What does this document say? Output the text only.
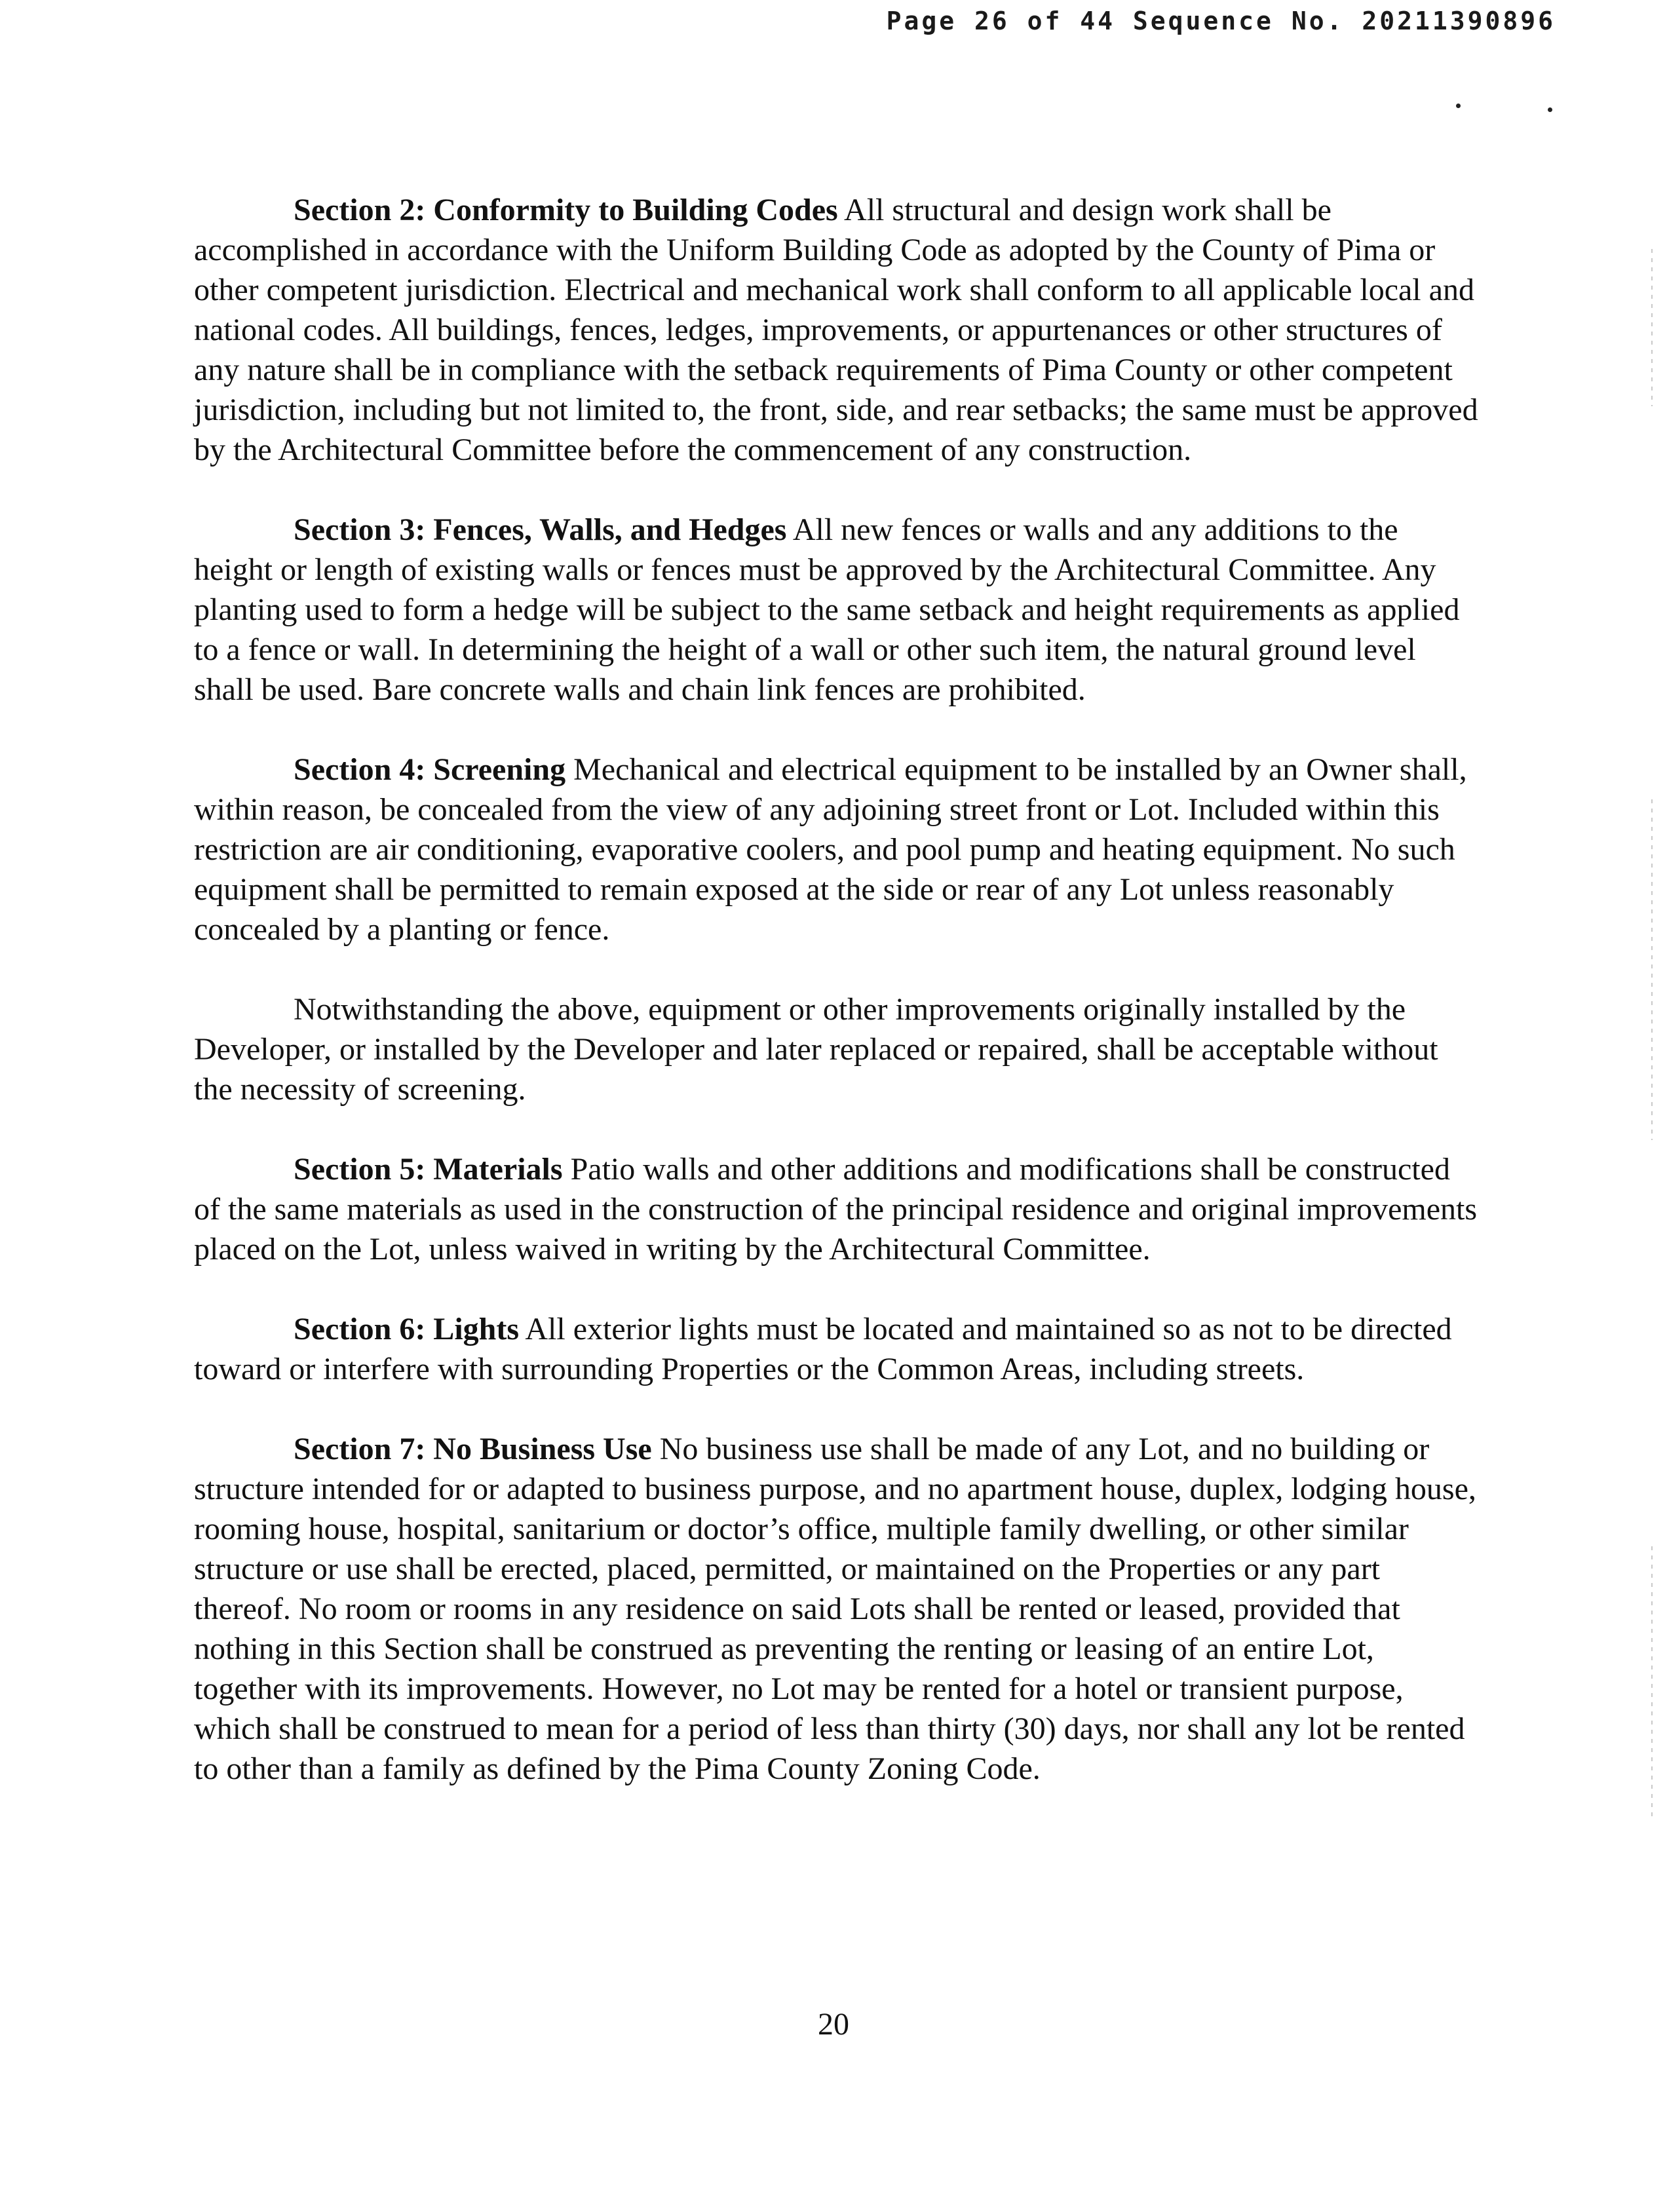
Page 26 of 44 Sequence No. 20211390896

Section 2: Conformity to Building Codes All structural and design work shall be accomplished in accordance with the Uniform Building Code as adopted by the County of Pima or other competent jurisdiction. Electrical and mechanical work shall conform to all applicable local and national codes. All buildings, fences, ledges, improvements, or appurtenances or other structures of any nature shall be in compliance with the setback requirements of Pima County or other competent jurisdiction, including but not limited to, the front, side, and rear setbacks; the same must be approved by the Architectural Committee before the commencement of any construction.

Section 3: Fences, Walls, and Hedges All new fences or walls and any additions to the height or length of existing walls or fences must be approved by the Architectural Committee. Any planting used to form a hedge will be subject to the same setback and height requirements as applied to a fence or wall. In determining the height of a wall or other such item, the natural ground level shall be used. Bare concrete walls and chain link fences are prohibited.

Section 4: Screening Mechanical and electrical equipment to be installed by an Owner shall, within reason, be concealed from the view of any adjoining street front or Lot. Included within this restriction are air conditioning, evaporative coolers, and pool pump and heating equipment. No such equipment shall be permitted to remain exposed at the side or rear of any Lot unless reasonably concealed by a planting or fence.

Notwithstanding the above, equipment or other improvements originally installed by the Developer, or installed by the Developer and later replaced or repaired, shall be acceptable without the necessity of screening.

Section 5: Materials Patio walls and other additions and modifications shall be constructed of the same materials as used in the construction of the principal residence and original improvements placed on the Lot, unless waived in writing by the Architectural Committee.

Section 6: Lights All exterior lights must be located and maintained so as not to be directed toward or interfere with surrounding Properties or the Common Areas, including streets.

Section 7: No Business Use No business use shall be made of any Lot, and no building or structure intended for or adapted to business purpose, and no apartment house, duplex, lodging house, rooming house, hospital, sanitarium or doctor’s office, multiple family dwelling, or other similar structure or use shall be erected, placed, permitted, or maintained on the Properties or any part thereof. No room or rooms in any residence on said Lots shall be rented or leased, provided that nothing in this Section shall be construed as preventing the renting or leasing of an entire Lot, together with its improvements. However, no Lot may be rented for a hotel or transient purpose, which shall be construed to mean for a period of less than thirty (30) days, nor shall any lot be rented to other than a family as defined by the Pima County Zoning Code.

20
